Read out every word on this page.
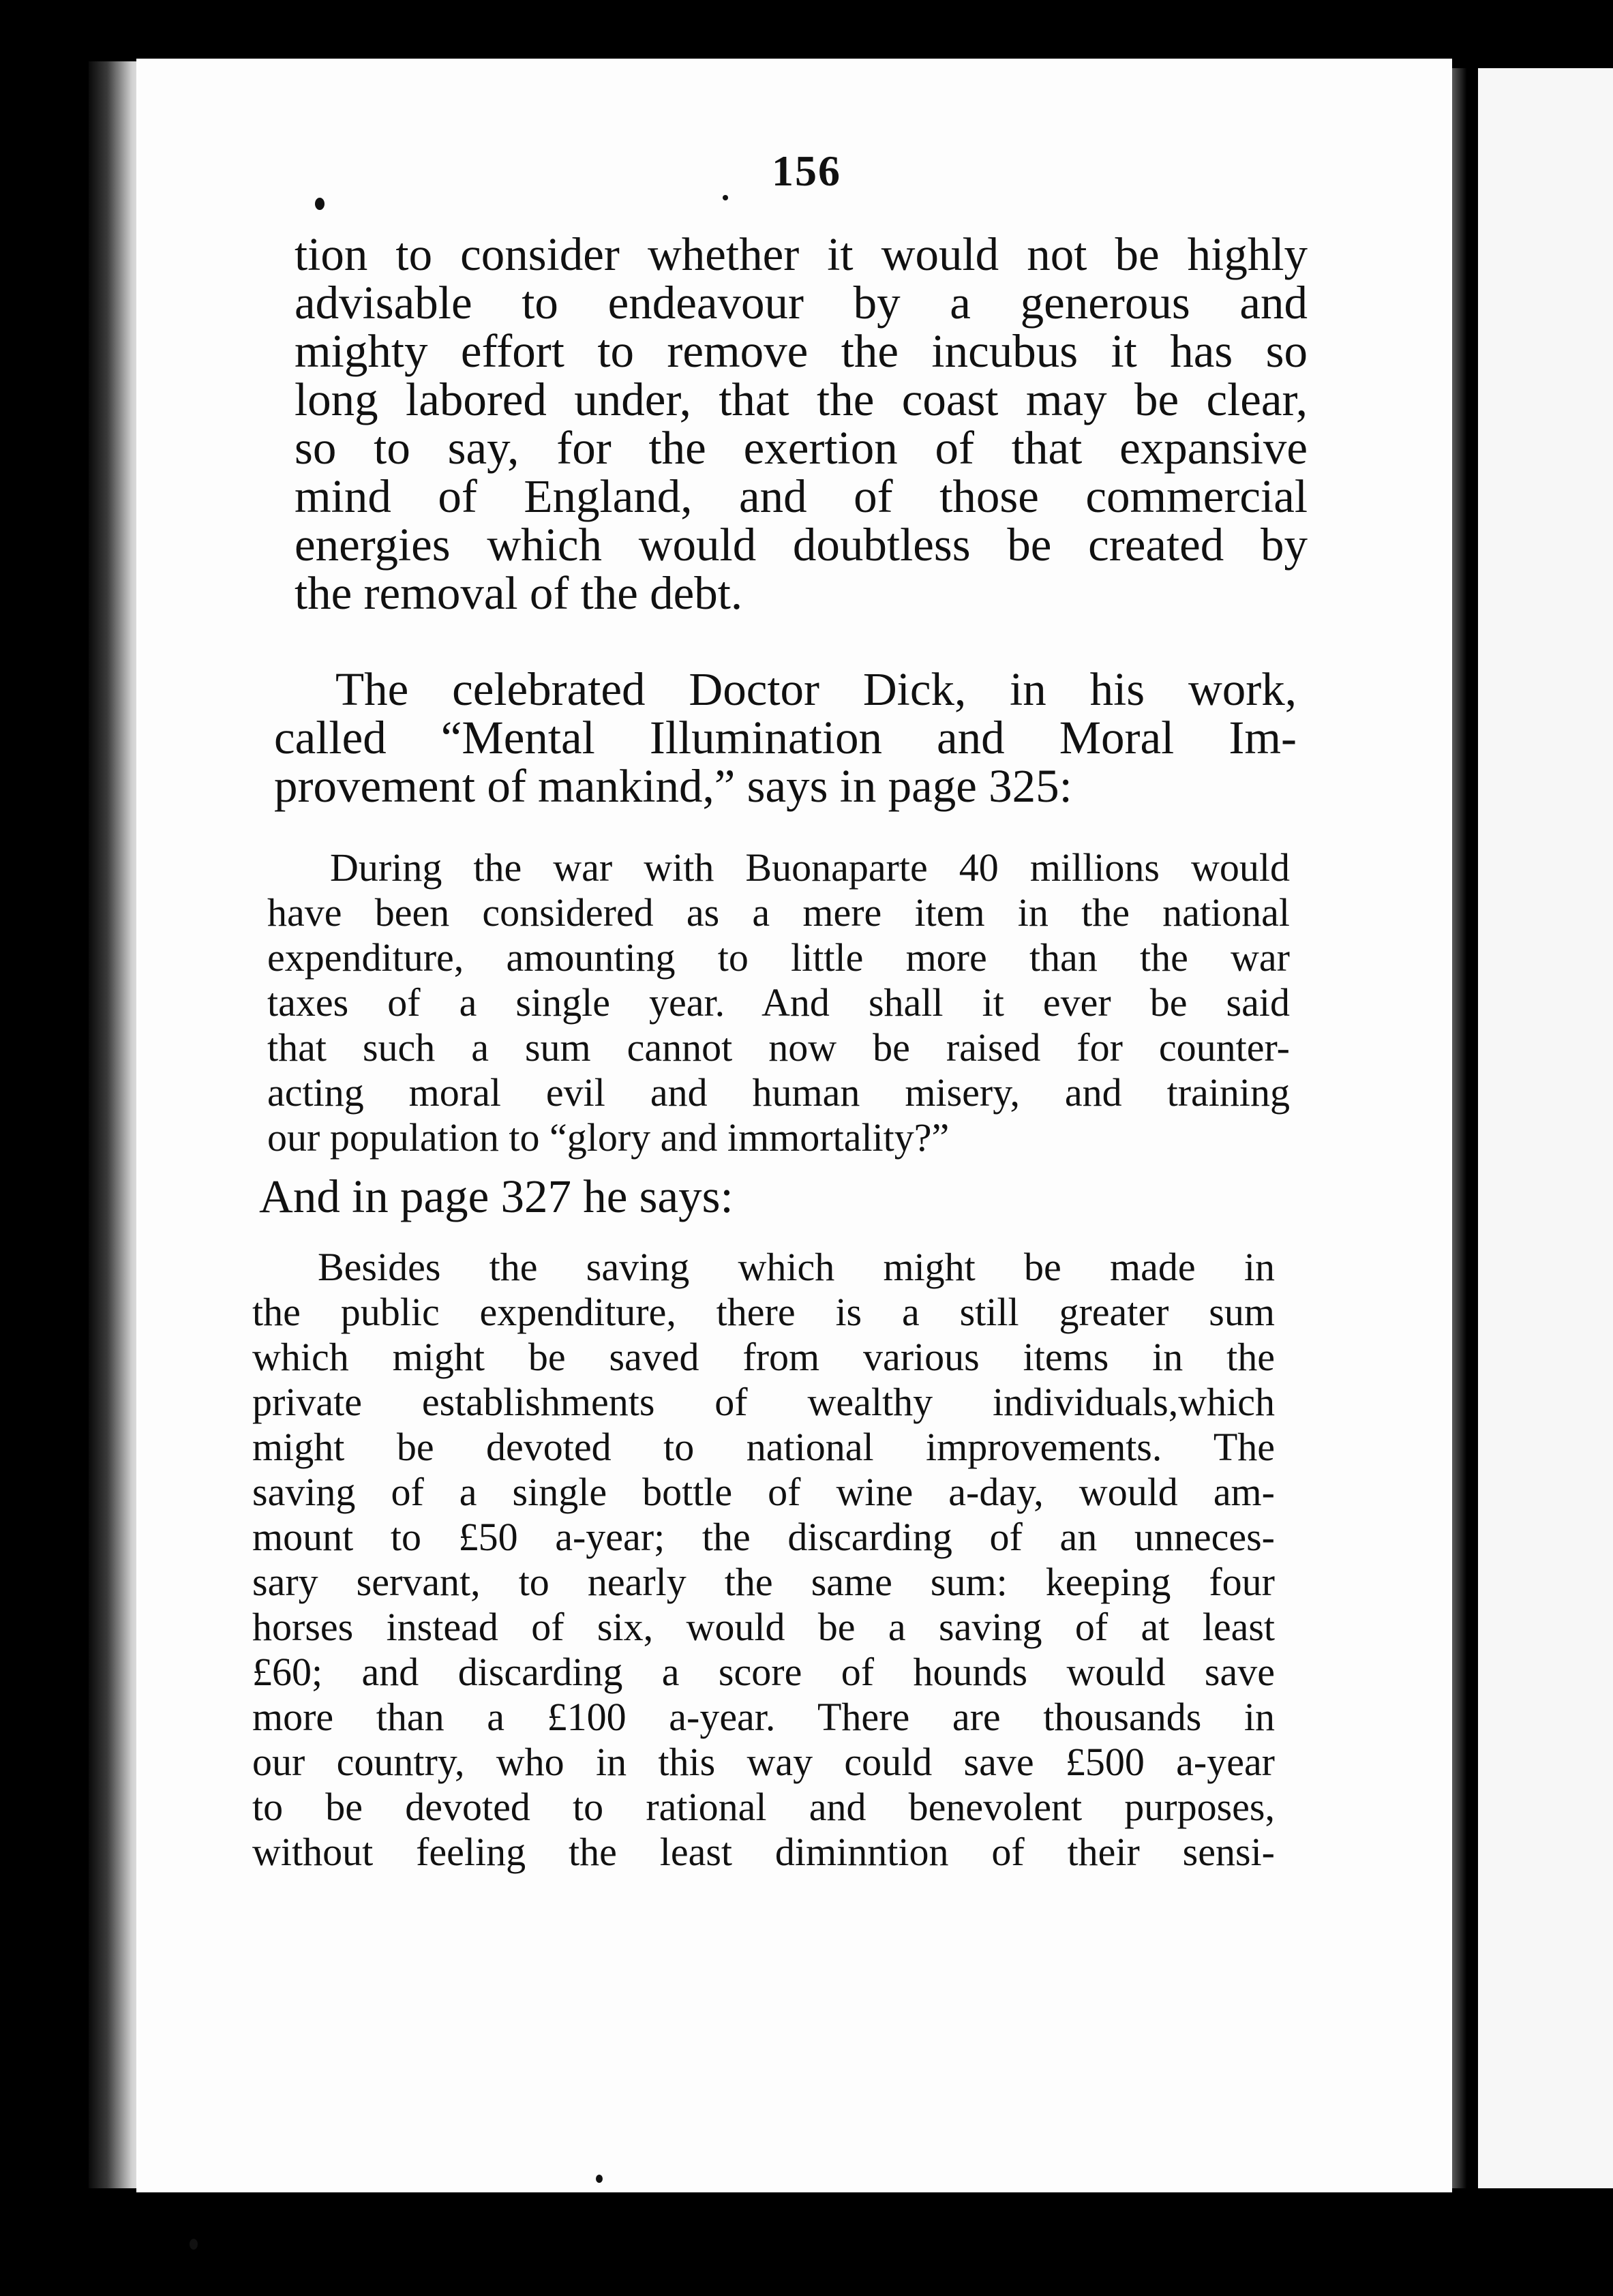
156
tion to consider whether it would not be highly
advisable to endeavour by a generous and
mighty effort to remove the incubus it has so
long labored under, that the coast may be clear,
so to say, for the exertion of that expansive
mind of England, and of those commercial
energies which would doubtless be created by
the removal of the debt.
The celebrated Doctor Dick, in his work,
called “Mental Illumination and Moral Im-
provement of mankind,” says in page 325:
During the war with Buonaparte 40 millions would
have been considered as a mere item in the national
expenditure, amounting to little more than the war
taxes of a single year. And shall it ever be said
that such a sum cannot now be raised for counter-
acting moral evil and human misery, and training
our population to “glory and immortality?”
And in page 327 he says:
Besides the saving which might be made in
the public expenditure, there is a still greater sum
which might be saved from various items in the
private establishments of wealthy individuals,which
might be devoted to national improvements. The
saving of a single bottle of wine a-day, would am-
mount to £50 a-year; the discarding of an unneces-
sary servant, to nearly the same sum: keeping four
horses instead of six, would be a saving of at least
£60; and discarding a score of hounds would save
more than a £100 a-year. There are thousands in
our country, who in this way could save £500 a-year
to be devoted to rational and benevolent purposes,
without feeling the least diminntion of their sensi-
